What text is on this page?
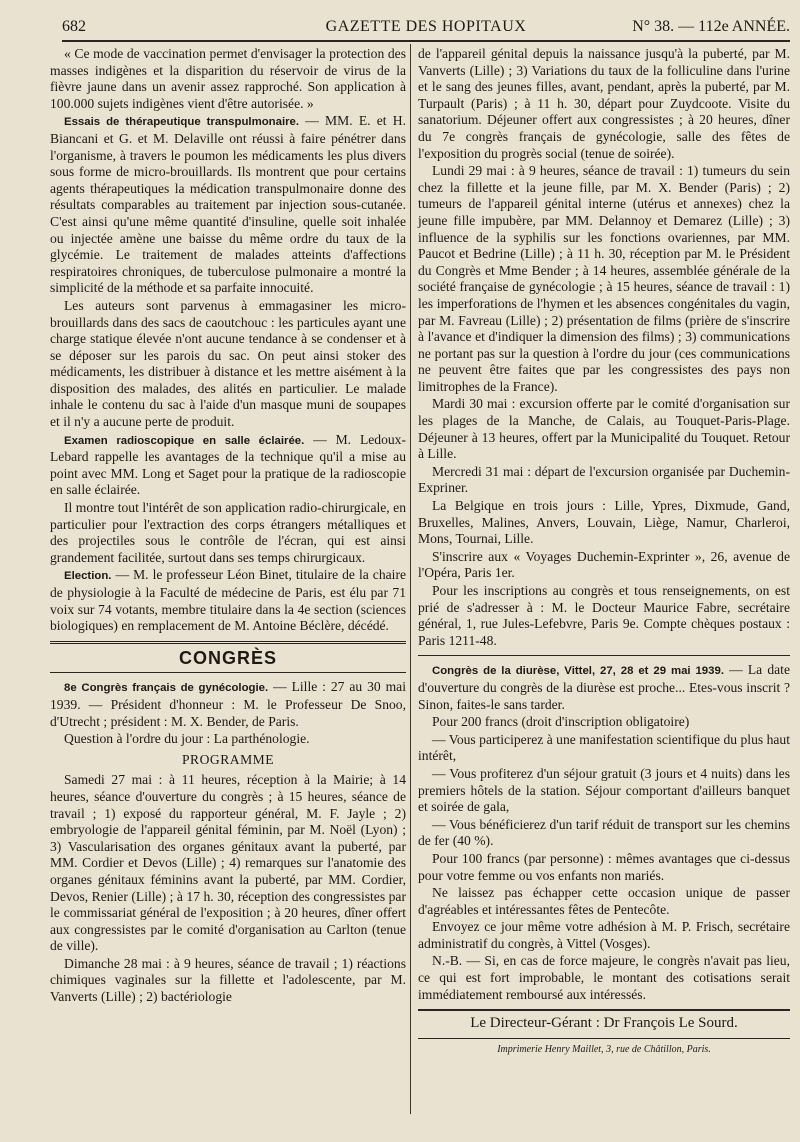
682	GAZETTE DES HOPITAUX	N° 38. — 112e ANNÉE.

« Ce mode de vaccination permet d'envisager la protection des masses indigènes et la disparition du réservoir de virus de la fièvre jaune dans un avenir assez rapproché. Son application à 100.000 sujets indigènes vient d'être autorisée. »

Essais de thérapeutique transpulmonaire. — MM. E. et H. Biancani et G. et M. Delaville ont réussi à faire pénétrer dans l'organisme, à travers le poumon les médicaments les plus divers sous forme de micro-brouillards. Ils montrent que pour certains agents thérapeutiques la médication transpulmonaire donne des résultats comparables au traitement par injection sous-cutanée. C'est ainsi qu'une même quantité d'insuline, quelle soit inhalée ou injectée amène une baisse du même ordre du taux de la glycémie. Le traitement de malades atteints d'affections respiratoires chroniques, de tuberculose pulmonaire a montré la simplicité de la méthode et sa parfaite innocuité.

Les auteurs sont parvenus à emmagasiner les micro-brouillards dans des sacs de caoutchouc : les particules ayant une charge statique élevée n'ont aucune tendance à se condenser et à se déposer sur les parois du sac. On peut ainsi stoker des médicaments, les distribuer à distance et les mettre aisément à la disposition des malades, des alités en particulier. Le malade inhale le contenu du sac à l'aide d'un masque muni de soupapes et il n'y a aucune perte de produit.

Examen radioscopique en salle éclairée. — M. Ledoux-Lebard rappelle les avantages de la technique qu'il a mise au point avec MM. Long et Saget pour la pratique de la radioscopie en salle éclairée.

Il montre tout l'intérêt de son application radio-chirurgicale, en particulier pour l'extraction des corps étrangers métalliques et des projectiles sous le contrôle de l'écran, qui est ainsi grandement facilitée, surtout dans ses temps chirurgicaux.

Election. — M. le professeur Léon Binet, titulaire de la chaire de physiologie à la Faculté de médecine de Paris, est élu par 71 voix sur 74 votants, membre titulaire dans la 4e section (sciences biologiques) en remplacement de M. Antoine Béclère, décédé.

CONGRÈS

8e Congrès français de gynécologie. — Lille : 27 au 30 mai 1939. — Président d'honneur : M. le Professeur De Snoo, d'Utrecht ; président : M. X. Bender, de Paris.

Question à l'ordre du jour : La parthénologie.

PROGRAMME

Samedi 27 mai : à 11 heures, réception à la Mairie; à 14 heures, séance d'ouverture du congrès ; à 15 heures, séance de travail ; 1) exposé du rapporteur général, M. F. Jayle ; 2) embryologie de l'appareil génital féminin, par M. Noël (Lyon) ; 3) Vascularisation des organes génitaux avant la puberté, par MM. Cordier et Devos (Lille) ; 4) remarques sur l'anatomie des organes génitaux féminins avant la puberté, par MM. Cordier, Devos, Renier (Lille) ; à 17 h. 30, réception des congressistes par le commissariat général de l'exposition ; à 20 heures, dîner offert aux congressistes par le comité d'organisation au Carlton (tenue de ville).

Dimanche 28 mai : à 9 heures, séance de travail ; 1) réactions chimiques vaginales sur la fillette et l'adolescente, par M. Vanverts (Lille) ; 2) bactériologie

de l'appareil génital depuis la naissance jusqu'à la puberté, par M. Vanverts (Lille) ; 3) Variations du taux de la folliculine dans l'urine et le sang des jeunes filles, avant, pendant, après la puberté, par M. Turpault (Paris) ; à 11 h. 30, départ pour Zuydcoote. Visite du sanatorium. Déjeuner offert aux congressistes ; à 20 heures, dîner du 7e congrès français de gynécologie, salle des fêtes de l'exposition du progrès social (tenue de soirée).

Lundi 29 mai : à 9 heures, séance de travail : 1) tumeurs du sein chez la fillette et la jeune fille, par M. X. Bender (Paris) ; 2) tumeurs de l'appareil génital interne (utérus et annexes) chez la jeune fille impubère, par MM. Delannoy et Demarez (Lille) ; 3) influence de la syphilis sur les fonctions ovariennes, par MM. Paucot et Bedrine (Lille) ; à 11 h. 30, réception par M. le Président du Congrès et Mme Bender ; à 14 heures, assemblée générale de la société française de gynécologie ; à 15 heures, séance de travail : 1) les imperforations de l'hymen et les absences congénitales du vagin, par M. Favreau (Lille) ; 2) présentation de films (prière de s'inscrire à l'avance et d'indiquer la dimension des films) ; 3) communications ne portant pas sur la question à l'ordre du jour (ces communications ne peuvent être faites que par les congressistes des pays non limitrophes de la France).

Mardi 30 mai : excursion offerte par le comité d'organisation sur les plages de la Manche, de Calais, au Touquet-Paris-Plage. Déjeuner à 13 heures, offert par la Municipalité du Touquet. Retour à Lille.

Mercredi 31 mai : départ de l'excursion organisée par Duchemin-Expriner.

La Belgique en trois jours : Lille, Ypres, Dixmude, Gand, Bruxelles, Malines, Anvers, Louvain, Liège, Namur, Charleroi, Mons, Tournai, Lille.

S'inscrire aux « Voyages Duchemin-Exprinter », 26, avenue de l'Opéra, Paris 1er.

Pour les inscriptions au congrès et tous renseignements, on est prié de s'adresser à : M. le Docteur Maurice Fabre, secrétaire général, 1, rue Jules-Lefebvre, Paris 9e. Compte chèques postaux : Paris 1211-48.

Congrès de la diurèse, Vittel, 27, 28 et 29 mai 1939. — La date d'ouverture du congrès de la diurèse est proche... Etes-vous inscrit ? Sinon, faites-le sans tarder.

Pour 200 francs (droit d'inscription obligatoire)

— Vous participerez à une manifestation scientifique du plus haut intérêt,

— Vous profiterez d'un séjour gratuit (3 jours et 4 nuits) dans les premiers hôtels de la station. Séjour comportant d'ailleurs banquet et soirée de gala,

— Vous bénéficierez d'un tarif réduit de transport sur les chemins de fer (40 %).

Pour 100 francs (par personne) : mêmes avantages que ci-dessus pour votre femme ou vos enfants non mariés.

Ne laissez pas échapper cette occasion unique de passer d'agréables et intéressantes fêtes de Pentecôte.

Envoyez ce jour même votre adhésion à M. P. Frisch, secrétaire administratif du congrès, à Vittel (Vosges).

N.-B. — Si, en cas de force majeure, le congrès n'avait pas lieu, ce qui est fort improbable, le montant des cotisations serait immédiatement remboursé aux intéressés.

Le Directeur-Gérant : Dr François Le Sourd.
Imprimerie Henry Maillet, 3, rue de Châtillon, Paris.
